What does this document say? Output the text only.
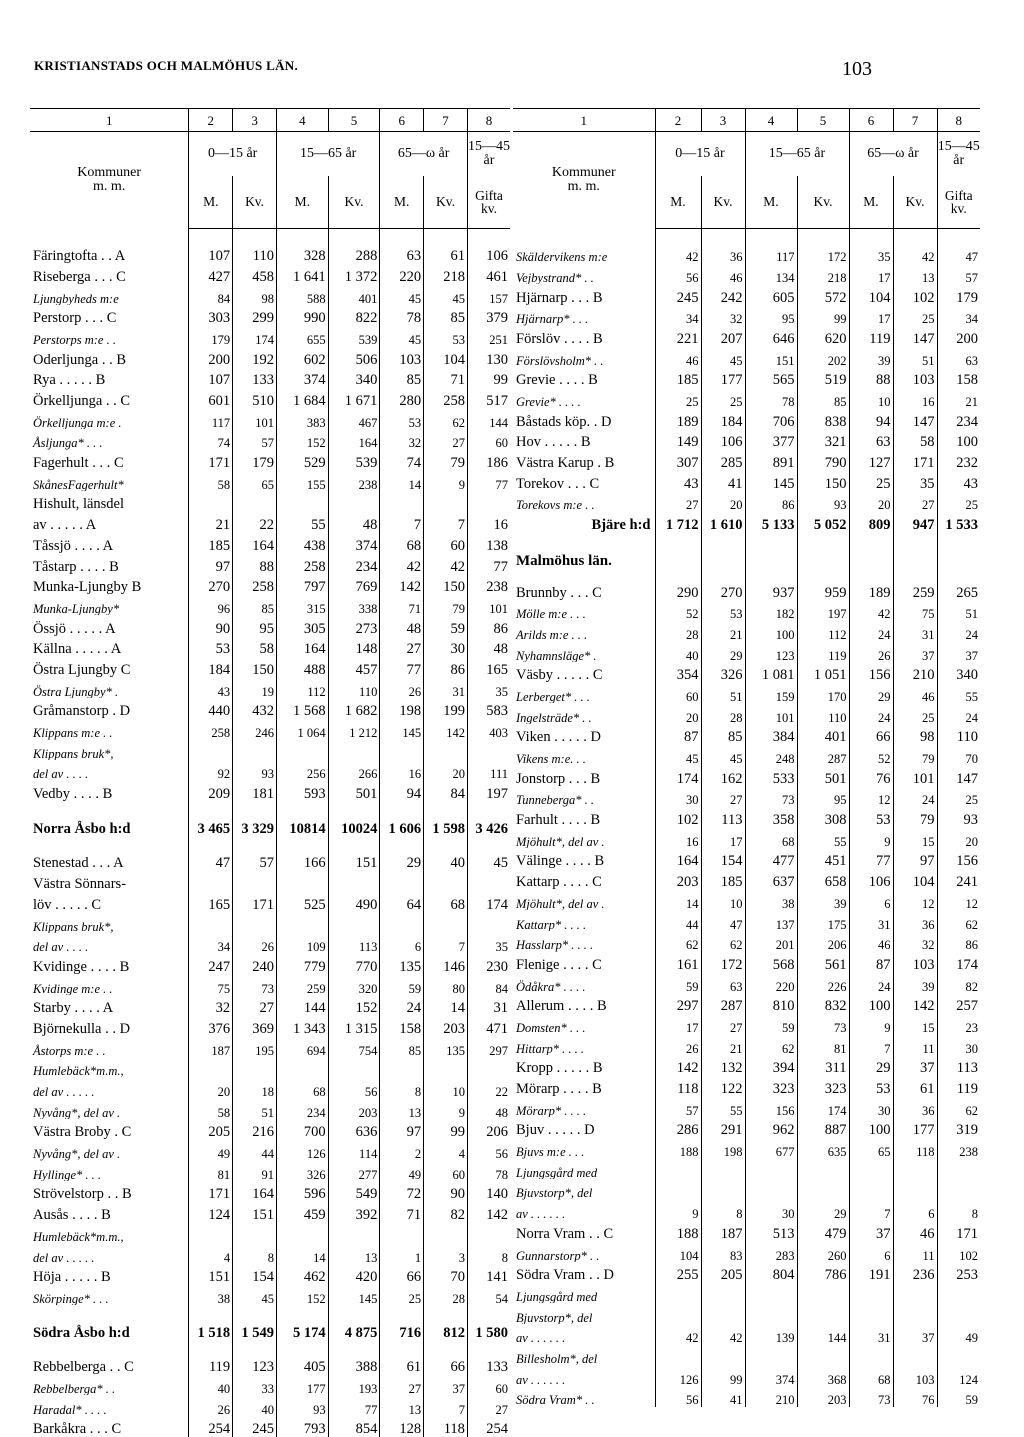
KRISTIANSTADS OCH MALMÖHUS LÄN.	103
1	2	3	4	5	6	7	8
Kommuner
m. m.	0—15 år		15—65 år		65—ω år		15—45
år
	M.	Kv.	M.	Kv.	M.	Kv.	Gifta
kv.
Färingtofta . . A	107	110	328	288	63	61	106
Riseberga . . . C	427	458	1 641	1 372	220	218	461
Ljungbyheds m:e	84	98	588	401	45	45	157
Perstorp . . . C	303	299	990	822	78	85	379
Perstorps m:e . .	179	174	655	539	45	53	251
Oderljunga . . B	200	192	602	506	103	104	130
Rya . . . . . B	107	133	374	340	85	71	99
Örkelljunga . . C	601	510	1 684	1 671	280	258	517
Örkelljunga m:e .	117	101	383	467	53	62	144
Åsljunga* . . .	74	57	152	164	32	27	60
Fagerhult . . . C	171	179	529	539	74	79	186
SkånesFagerhult*	58	65	155	238	14	9	77
Hishult, länsdel							
av . . . . . A	21	22	55	48	7	7	16
Tåssjö . . . . A	185	164	438	374	68	60	138
Tåstarp . . . . B	97	88	258	234	42	42	77
Munka-Ljungby B	270	258	797	769	142	150	238
Munka-Ljungby*	96	85	315	338	71	79	101
Össjö . . . . . A	90	95	305	273	48	59	86
Källna . . . . . A	53	58	164	148	27	30	48
Östra Ljungby C	184	150	488	457	77	86	165
Östra Ljungby* .	43	19	112	110	26	31	35
Gråmanstorp . D	440	432	1 568	1 682	198	199	583
Klippans m:e . .	258	246	1 064	1 212	145	142	403
Klippans bruk*,							
del av . . . .	92	93	256	266	16	20	111
Vedby . . . . B	209	181	593	501	94	84	197

Norra Åsbo h:d	3 465	3 329	10814	10024	1 606	1 598	3 426

Stenestad . . . A	47	57	166	151	29	40	45
Västra Sönnars-							
löv . . . . . C	165	171	525	490	64	68	174
Klippans bruk*,							
del av . . . .	34	26	109	113	6	7	35
Kvidinge . . . . B	247	240	779	770	135	146	230
Kvidinge m:e . .	75	73	259	320	59	80	84
Starby . . . . A	32	27	144	152	24	14	31
Björnekulla . . D	376	369	1 343	1 315	158	203	471
Åstorps m:e . .	187	195	694	754	85	135	297
Humlebäck*m.m.,							
del av . . . . .	20	18	68	56	8	10	22
Nyvång*, del av .	58	51	234	203	13	9	48
Västra Broby . C	205	216	700	636	97	99	206
Nyvång*, del av .	49	44	126	114	2	4	56
Hyllinge* . . .	81	91	326	277	49	60	78
Strövelstorp . . B	171	164	596	549	72	90	140
Ausås . . . . B	124	151	459	392	71	82	142
Humlebäck*m.m.,							
del av . . . . .	4	8	14	13	1	3	8
Höja . . . . . B	151	154	462	420	66	70	141
Skörpinge* . . .	38	45	152	145	25	28	54

Södra Åsbo h:d	1 518	1 549	5 174	4 875	716	812	1 580

Rebbelberga . . C	119	123	405	388	61	66	133
Rebbelberga* . .	40	33	177	193	27	37	60
Haradal* . . . .	26	40	93	77	13	7	27
Barkåkra . . . C	254	245	793	854	128	118	254
1	2	3	4	5	6	7	8
Kommuner
m. m.	0—15 år		15—65 år		65—ω år		15—45
år
	M.	Kv.	M.	Kv.	M.	Kv.	Gifta
kv.
Skäldervikens m:e	42	36	117	172	35	42	47
Vejbystrand* . .	56	46	134	218	17	13	57
Hjärnarp . . . B	245	242	605	572	104	102	179
Hjärnarp* . . .	34	32	95	99	17	25	34
Förslöv . . . . B	221	207	646	620	119	147	200
Förslövsholm* . .	46	45	151	202	39	51	63
Grevie . . . . B	185	177	565	519	88	103	158
Grevie* . . . .	25	25	78	85	10	16	21
Båstads köp. . D	189	184	706	838	94	147	234
Hov . . . . . B	149	106	377	321	63	58	100
Västra Karup . B	307	285	891	790	127	171	232
Torekov . . . C	43	41	145	150	25	35	43
Torekovs m:e . .	27	20	86	93	20	27	25
Bjäre h:d	1 712	1 610	5 133	5 052	809	947	1 533

Malmöhus län.							

Brunnby . . . C	290	270	937	959	189	259	265
Mölle m:e . . .	52	53	182	197	42	75	51
Arilds m:e . . .	28	21	100	112	24	31	24
Nyhamnsläge* .	40	29	123	119	26	37	37
Väsby . . . . . C	354	326	1 081	1 051	156	210	340
Lerberget* . . .	60	51	159	170	29	46	55
Ingelsträde* . .	20	28	101	110	24	25	24
Viken . . . . . D	87	85	384	401	66	98	110
Vikens m:e. . .	45	45	248	287	52	79	70
Jonstorp . . . B	174	162	533	501	76	101	147
Tunneberga* . .	30	27	73	95	12	24	25
Farhult . . . . B	102	113	358	308	53	79	93
Mjöhult*, del av .	16	17	68	55	9	15	20
Välinge . . . . B	164	154	477	451	77	97	156
Kattarp . . . . C	203	185	637	658	106	104	241
Mjöhult*, del av .	14	10	38	39	6	12	12
Kattarp* . . . .	44	47	137	175	31	36	62
Hasslarp* . . . .	62	62	201	206	46	32	86
Flenige . . . . C	161	172	568	561	87	103	174
Ödåkra* . . . .	59	63	220	226	24	39	82
Allerum . . . . B	297	287	810	832	100	142	257
Domsten* . . .	17	27	59	73	9	15	23
Hittarp* . . . .	26	21	62	81	7	11	30
Kropp . . . . . B	142	132	394	311	29	37	113
Mörarp . . . . B	118	122	323	323	53	61	119
Mörarp* . . . .	57	55	156	174	30	36	62
Bjuv . . . . . D	286	291	962	887	100	177	319
Bjuvs m:e . . .	188	198	677	635	65	118	238
Ljungsgård med							
Bjuvstorp*, del							
av . . . . . .	9	8	30	29	7	6	8
Norra Vram . . C	188	187	513	479	37	46	171
Gunnarstorp* . .	104	83	283	260	6	11	102
Södra Vram . . D	255	205	804	786	191	236	253
Ljungsgård med							
Bjuvstorp*, del							
av . . . . . .	42	42	139	144	31	37	49
Billesholm*, del							
av . . . . . .	126	99	374	368	68	103	124
Södra Vram* . .	56	41	210	203	73	76	59
